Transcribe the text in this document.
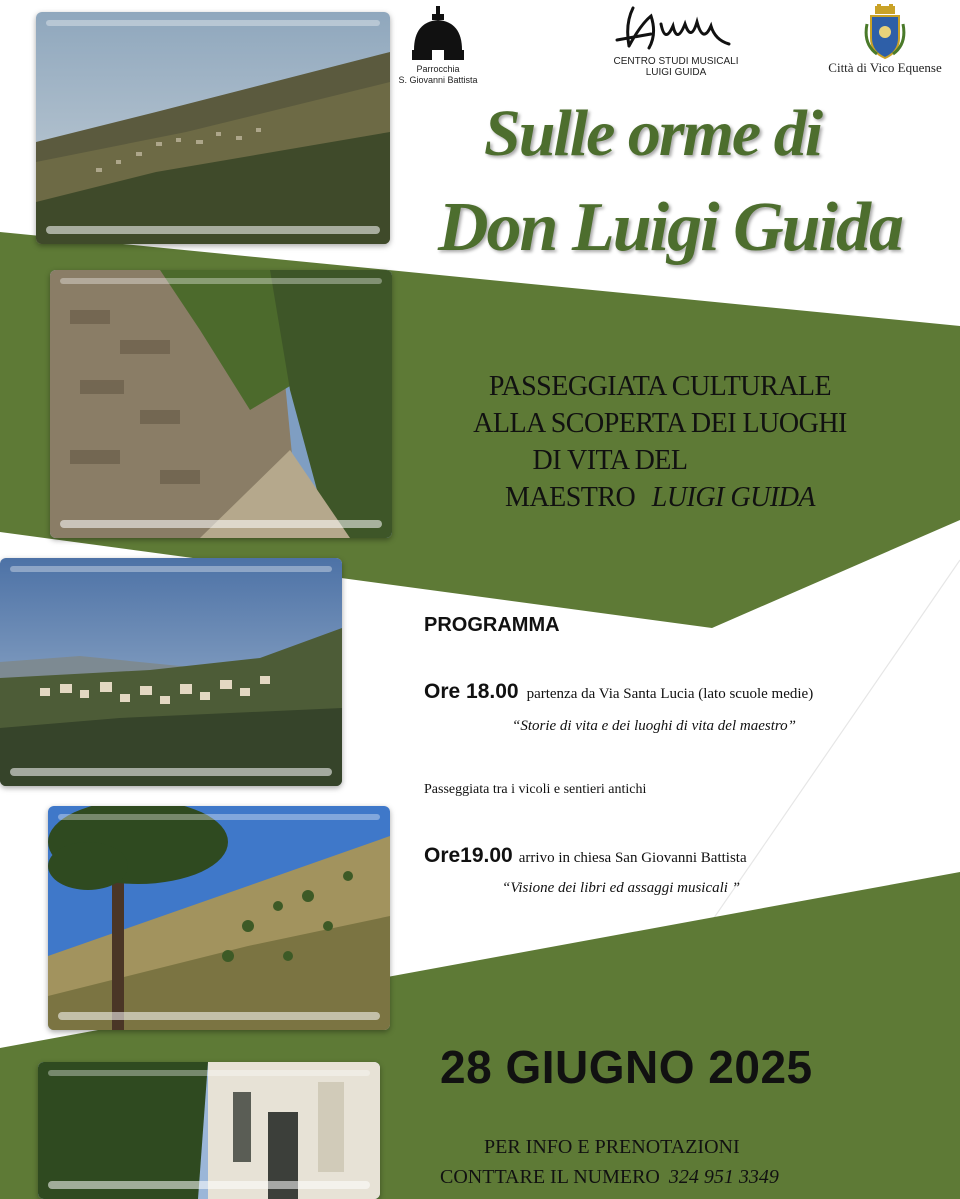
Parrocchia
S. Giovanni Battista
CENTRO STUDI MUSICALI
LUIGI GUIDA	Città di Vico Equense
Sulle orme di
Don Luigi Guida
PASSEGGIATA CULTURALE
ALLA SCOPERTA DEI LUOGHI
DI VITA DEL
MAESTRO LUIGI GUIDA
PROGRAMMA
Ore 18.00 partenza da Via Santa Lucia (lato scuole medie)
“Storie di vita e dei luoghi di vita del maestro”
Passeggiata tra i vicoli e sentieri antichi
Ore19.00 arrivo in chiesa San Giovanni Battista
“Visione dei libri ed assaggi musicali ”
28 GIUGNO 2025
PER INFO E PRENOTAZIONI
CONTTARE IL NUMERO 324 951 3349
